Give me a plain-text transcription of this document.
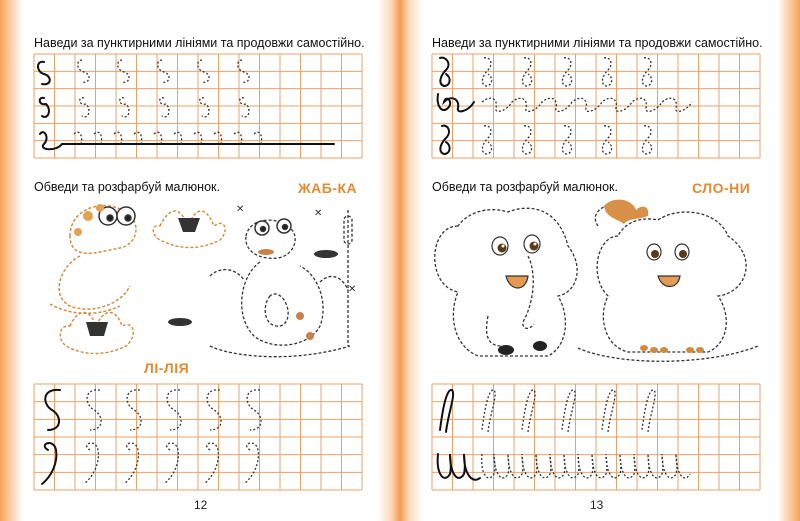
Наведи за пунктирними лініями та продовжи самостійно.
Обведи та розфарбуй малюнок.	ЖАБ-КА
✕	✕
✕
ЛІ-ЛІЯ
12
Наведи за пунктирними лініями та продовжи самостійно.
Обведи та розфарбуй малюнок.	СЛО-НИ
13
